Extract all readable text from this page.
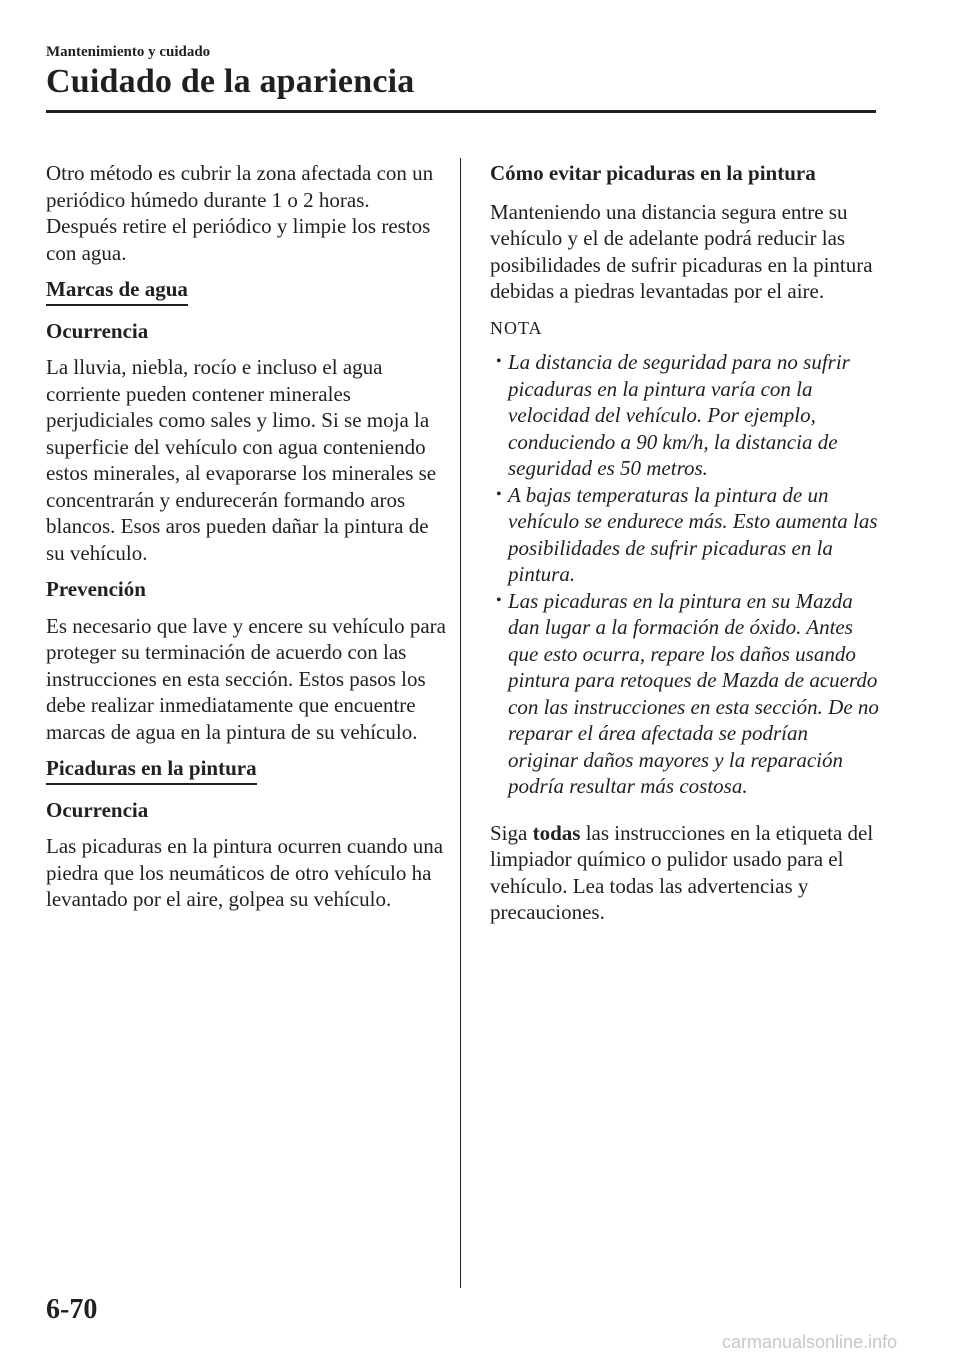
Mantenimiento y cuidado
Cuidado de la apariencia

Otro método es cubrir la zona afectada con un periódico húmedo durante 1 o 2 horas. Después retire el periódico y limpie los restos con agua.

Marcas de agua
Ocurrencia

La lluvia, niebla, rocío e incluso el agua corriente pueden contener minerales perjudiciales como sales y limo. Si se moja la superficie del vehículo con agua conteniendo estos minerales, al evaporarse los minerales se concentrarán y endurecerán formando aros blancos. Esos aros pueden dañar la pintura de su vehículo.

Prevención

Es necesario que lave y encere su vehículo para proteger su terminación de acuerdo con las instrucciones en esta sección. Estos pasos los debe realizar inmediatamente que encuentre marcas de agua en la pintura de su vehículo.

Picaduras en la pintura
Ocurrencia

Las picaduras en la pintura ocurren cuando una piedra que los neumáticos de otro vehículo ha levantado por el aire, golpea su vehículo.

Cómo evitar picaduras en la pintura

Manteniendo una distancia segura entre su vehículo y el de adelante podrá reducir las posibilidades de sufrir picaduras en la pintura debidas a piedras levantadas por el aire.

NOTA
• La distancia de seguridad para no sufrir picaduras en la pintura varía con la velocidad del vehículo. Por ejemplo, conduciendo a 90 km/h, la distancia de seguridad es 50 metros.
• A bajas temperaturas la pintura de un vehículo se endurece más. Esto aumenta las posibilidades de sufrir picaduras en la pintura.
• Las picaduras en la pintura en su Mazda dan lugar a la formación de óxido. Antes que esto ocurra, repare los daños usando pintura para retoques de Mazda de acuerdo con las instrucciones en esta sección. De no reparar el área afectada se podrían originar daños mayores y la reparación podría resultar más costosa.

Siga todas las instrucciones en la etiqueta del limpiador químico o pulidor usado para el vehículo. Lea todas las advertencias y precauciones.

6-70
carmanualsonline.info
